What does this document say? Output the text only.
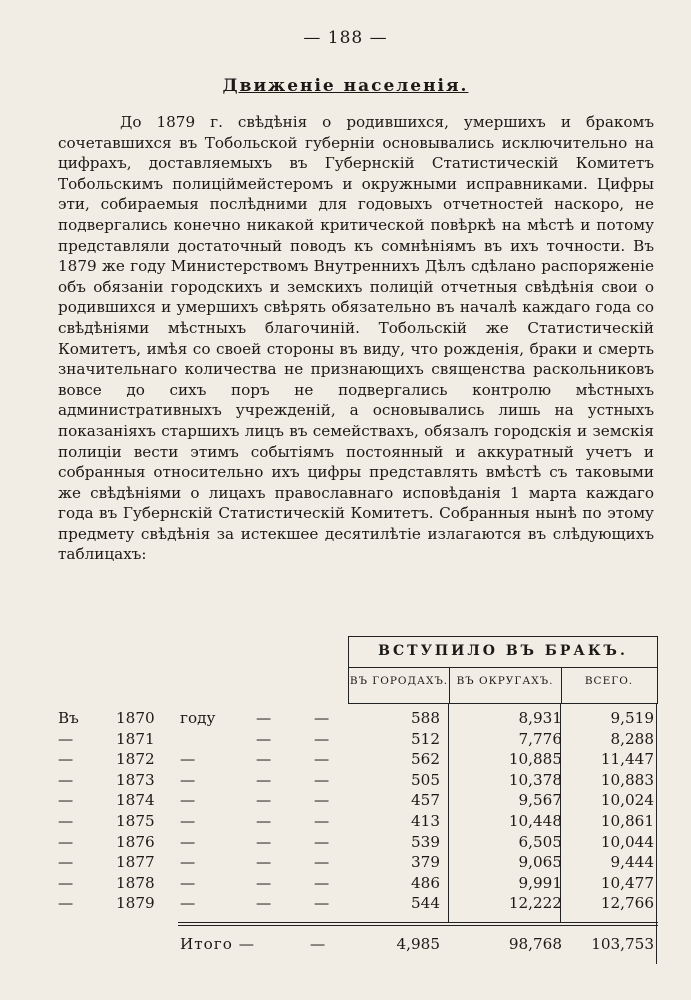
— 188 —
Движеніе населенія.

До 1879 г. свѣдѣнія о родившихся, умершихъ и бракомъ сочетавшихся въ Тобольской губерніи основывались исключительно на цифрахъ, доставляемыхъ въ Губернскій Статистическій Комитетъ Тобольскимъ полиціймейстеромъ и окружными исправниками. Цифры эти, собираемыя послѣдними для годовыхъ отчетностей наскоро, не подвергались конечно никакой критической повѣркѣ на мѣстѣ и потому представляли достаточный поводъ къ сомнѣніямъ въ ихъ точности. Въ 1879 же году Министерствомъ Внутреннихъ Дѣлъ сдѣлано распоряженіе объ обязаніи городскихъ и земскихъ полицій отчетныя свѣдѣнія свои о родившихся и умершихъ свѣрять обязательно въ началѣ каждаго года со свѣдѣніями мѣстныхъ благочиній. Тобольскій же Статистическій Комитетъ, имѣя со своей стороны въ виду, что рожденія, браки и смерть значительнаго количества не признающихъ священства раскольниковъ вовсе до сихъ поръ не подвергались контролю мѣстныхъ административныхъ учрежденій, а основывались лишь на устныхъ показаніяхъ старшихъ лицъ въ семействахъ, обязалъ городскія и земскія полиціи вести этимъ событіямъ постоянный и аккуратный учетъ и собранныя относительно ихъ цифры представлять вмѣстѣ съ таковыми же свѣдѣніями о лицахъ православнаго исповѣданія 1 марта каждаго года въ Губернскій Статистическій Комитетъ. Собранныя нынѣ по этому предмету свѣдѣнія за истекшее десятилѣтіе излагаются въ слѣдующихъ таблицахъ:

ВСТУПИЛО ВЪ БРАКЪ.
ВЪ ГОРОДАХЪ. ВЪ ОКРУГАХЪ.	ВСЕГО.
Въ	1870	году	—	—	588	8,931	9,519
—	1871	—	—	512	7,776	8,288
—	1872	—	—	—	562	10,885	11,447
—	1873	—	—	—	505	10,378	10,883
—	1874	—	—	—	457	9,567	10,024
—	1875	—	—	—	413	10,448	10,861
—	1876	—	—	—	539	6,505	10,044
—	1877	—	—	—	379	9,065	9,444
—	1878	—	—	—	486	9,991	10,477
—	1879	—	—	—	544	12,222	12,766
Итого —	—	4,985	98,768	103,753
